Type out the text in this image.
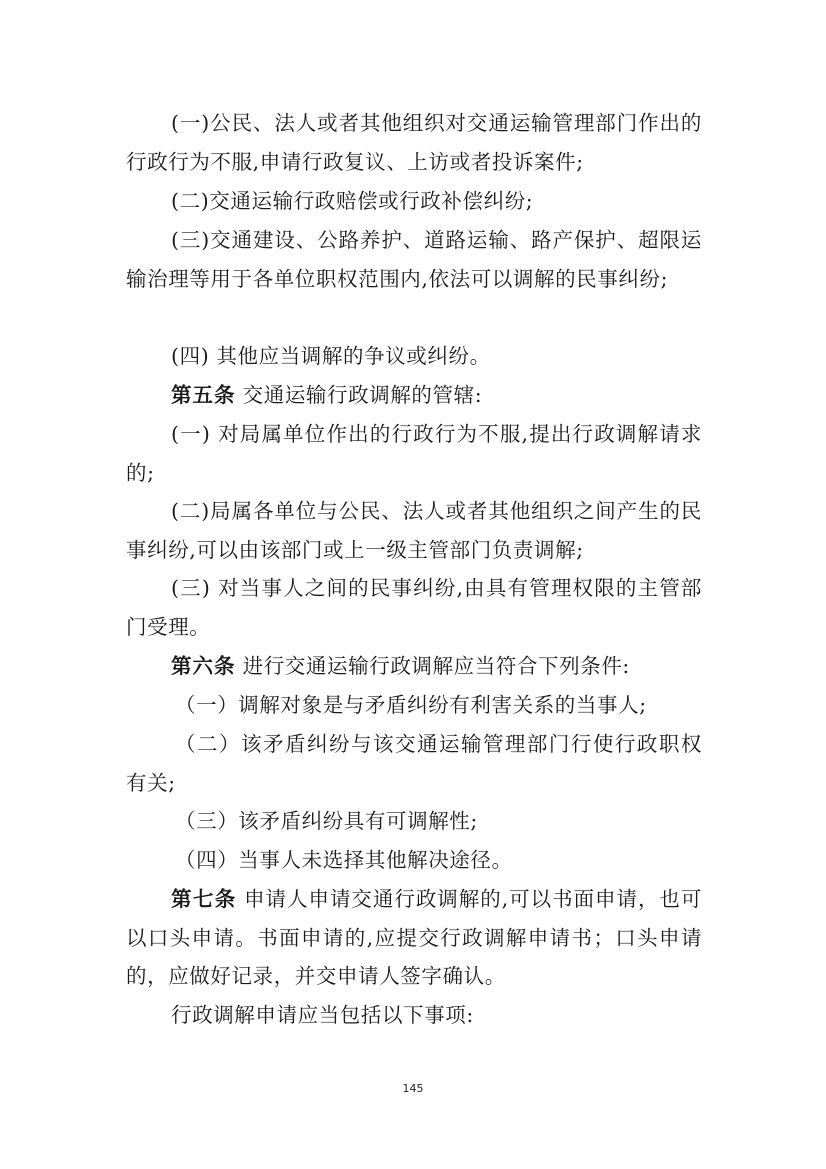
(一)公民、法人或者其他组织对交通运输管理部门作出的行政行为不服,申请行政复议、上访或者投诉案件;

(二)交通运输行政赔偿或行政补偿纠纷;

(三)交通建设、公路养护、道路运输、路产保护、超限运输治理等用于各单位职权范围内,依法可以调解的民事纠纷;

(四) 其他应当调解的争议或纠纷。

第五条 交通运输行政调解的管辖:

(一) 对局属单位作出的行政行为不服,提出行政调解请求的;

(二)局属各单位与公民、法人或者其他组织之间产生的民事纠纷,可以由该部门或上一级主管部门负责调解;

(三) 对当事人之间的民事纠纷,由具有管理权限的主管部门受理。

第六条 进行交通运输行政调解应当符合下列条件:

（一）调解对象是与矛盾纠纷有利害关系的当事人;

（二）该矛盾纠纷与该交通运输管理部门行使行政职权有关;

（三）该矛盾纠纷具有可调解性;

（四）当事人未选择其他解决途径。

第七条 申请人申请交通行政调解的,可以书面申请，也可以口头申请。书面申请的,应提交行政调解申请书；口头申请的，应做好记录，并交申请人签字确认。

行政调解申请应当包括以下事项:

145
